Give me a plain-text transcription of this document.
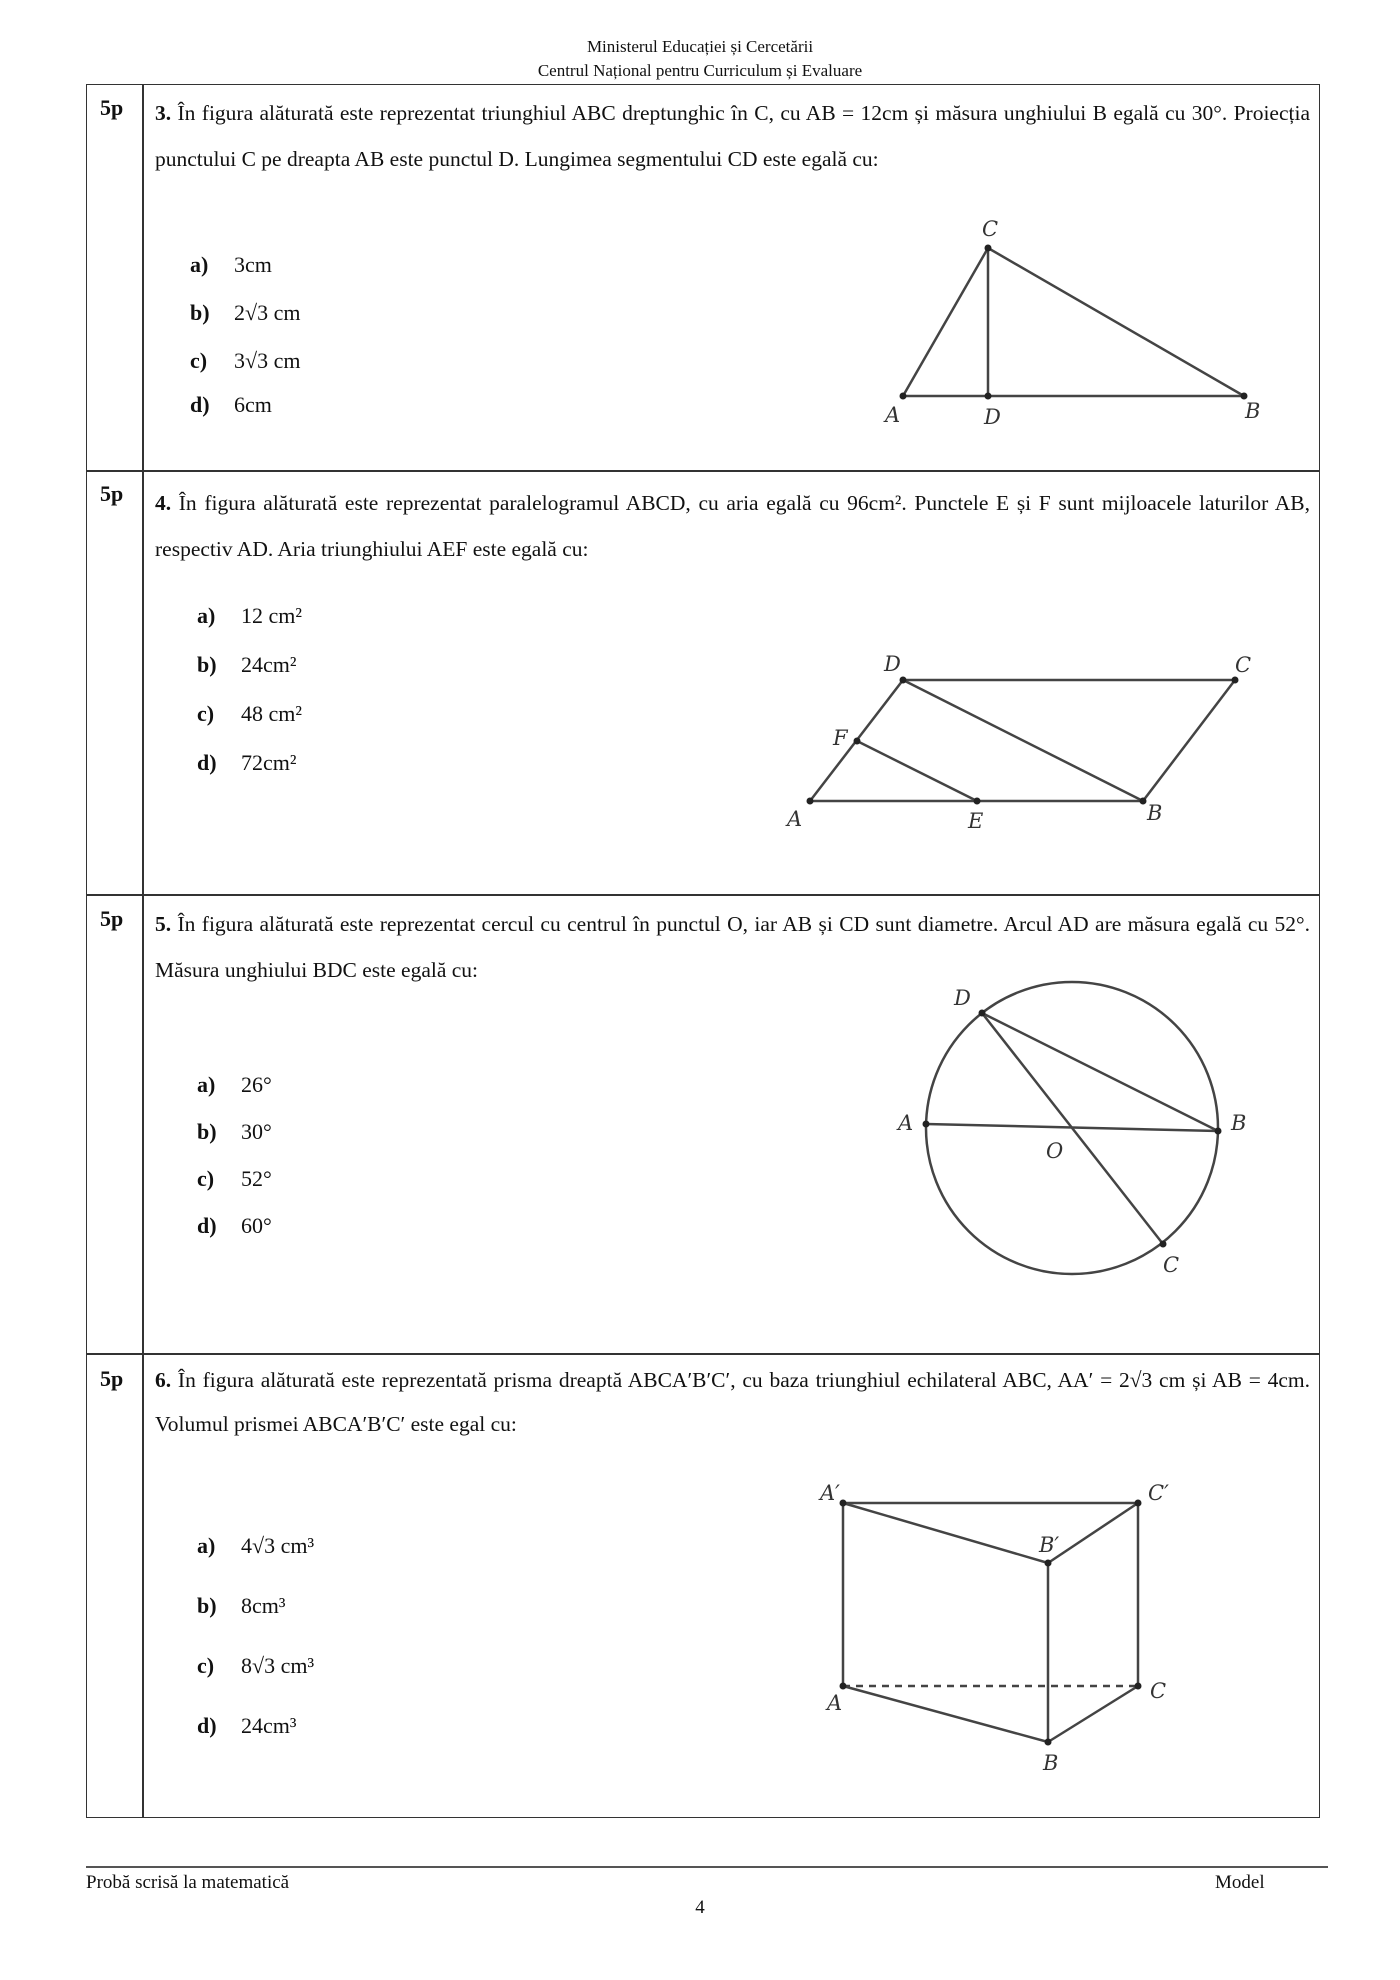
Ministerul Educației și Cercetării
Centrul Național pentru Curriculum și Evaluare
5p 3. În figura alăturată este reprezentat triunghiul ABC dreptunghic în C, cu AB = 12cm și măsura unghiului B egală cu 30°. Proiecția punctului C pe dreapta AB este punctul D. Lungimea segmentului CD este egală cu:
a) 3cm
b) 2√3 cm
c) 3√3 cm
d) 6cm
C
A	D	B
5p 4. În figura alăturată este reprezentat paralelogramul ABCD, cu aria egală cu 96cm². Punctele E și F sunt mijloacele laturilor AB, respectiv AD. Aria triunghiului AEF este egală cu:
a) 12 cm²
b) 24cm²
c) 48 cm²
d) 72cm²
D	C
F
A	E	B
5p 5. În figura alăturată este reprezentat cercul cu centrul în punctul O, iar AB și CD sunt diametre. Arcul AD are măsura egală cu 52°. Măsura unghiului BDC este egală cu:
a) 26°
b) 30°
c) 52°
d) 60°
D
A	B
O
C
5p 6. În figura alăturată este reprezentată prisma dreaptă ABCA′B′C′, cu baza triunghiul echilateral ABC, AA′ = 2√3 cm și AB = 4cm. Volumul prismei ABCA′B′C′ este egal cu:
a) 4√3 cm³
b) 8cm³
c) 8√3 cm³
d) 24cm³
A′	C′
B′
A	C
B
Probă scrisă la matematică	Model
4
